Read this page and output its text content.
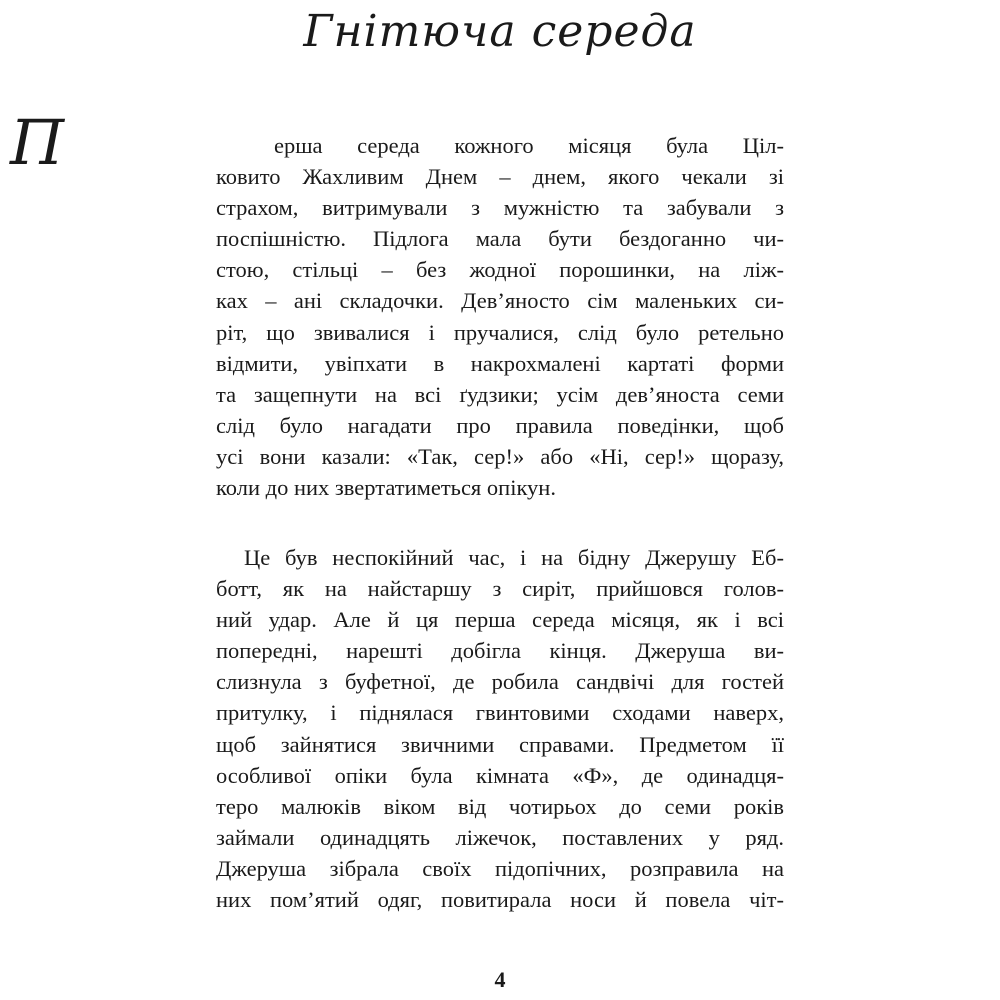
Гнітюча середа
П	ерша середа кожного місяця була Цiл-
ковито Жахливим Днем – днем, якого чекали зі
страхом, витримували з мужністю та забували з
поспішністю. Підлога мала бути бездоганно чи-
стою, стільці – без жодної порошинки, на ліж-
ках – ані складочки. Дев’яносто сім маленьких си-
ріт, що звивалися і пручалися, слід було ретельно
відмити, увіпхати в накрохмалені картаті форми
та защепнути на всі ґудзики; усім дев’яноста семи
слід було нагадати про правила поведінки, щоб
усі вони казали: «Так, сер!» або «Ні, сер!» щоразу,
коли до них звертатиметься опікун.
Це був неспокійний час, і на бідну Джерушу Еб-
ботт, як на найстаршу з сиріт, прийшовся голов-
ний удар. Але й ця перша середа місяця, як і всі
попередні, нарешті добігла кінця. Джеруша ви-
слизнула з буфетної, де робила сандвічі для гостей
притулку, і піднялася гвинтовими сходами наверх,
щоб зайнятися звичними справами. Предметом її
особливої опіки була кімната «Ф», де одинадця-
теро малюків віком від чотирьох до семи років
займали одинадцять ліжечок, поставлених у ряд.
Джеруша зібрала своїх підопічних, розправила на
них пом’ятий одяг, повитирала носи й повела чіт-
4
